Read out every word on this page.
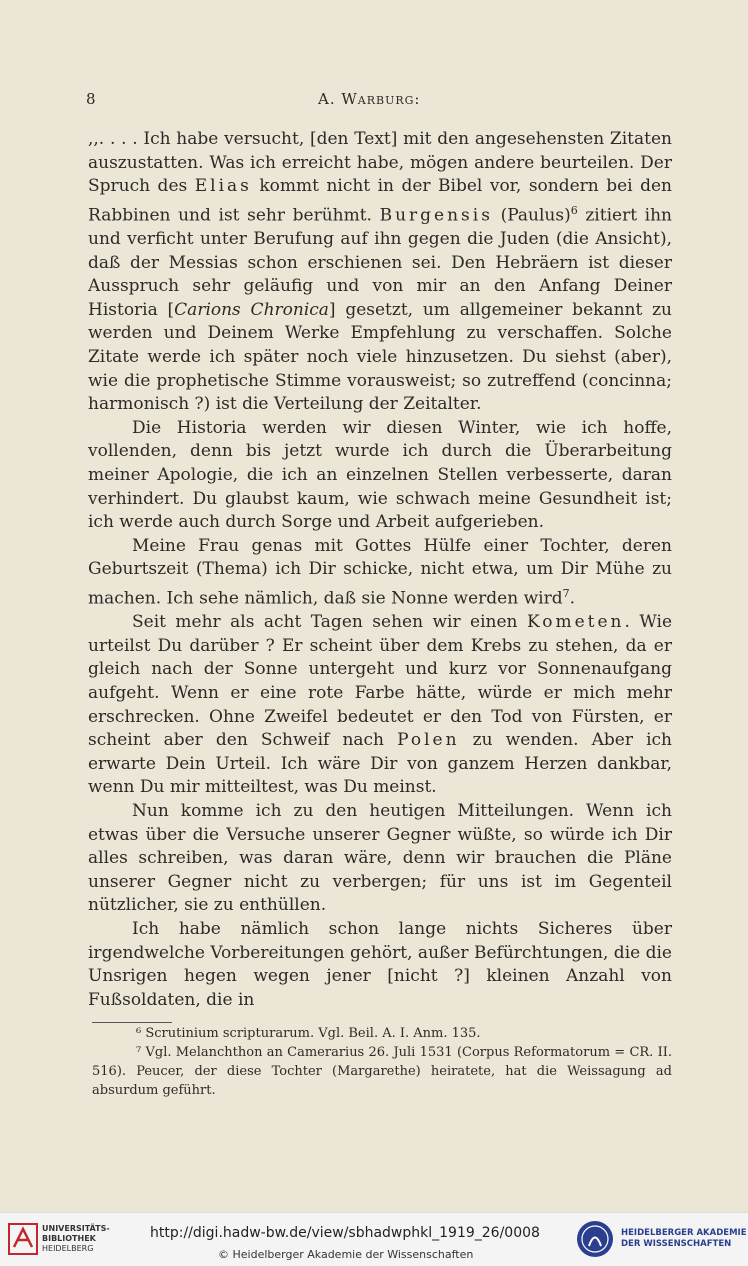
8	A. Warburg:

,,. . . . Ich habe versucht, [den Text] mit den angesehensten Zitaten auszustatten. Was ich erreicht habe, mögen andere beurteilen. Der Spruch des Elias kommt nicht in der Bibel vor, sondern bei den Rabbinen und ist sehr berühmt. Burgensis (Paulus)$^6$ zitiert ihn und verficht unter Berufung auf ihn gegen die Juden (die Ansicht), daß der Messias schon erschienen sei. Den Hebräern ist dieser Ausspruch sehr geläufig und von mir an den Anfang Deiner Historia [Carions Chronica] gesetzt, um allgemeiner bekannt zu werden und Deinem Werke Empfehlung zu verschaffen. Solche Zitate werde ich später noch viele hinzusetzen. Du siehst (aber), wie die prophetische Stimme vorausweist; so zutreffend (concinna; harmonisch ?) ist die Verteilung der Zeitalter.

Die Historia werden wir diesen Winter, wie ich hoffe, vollenden, denn bis jetzt wurde ich durch die Überarbeitung meiner Apologie, die ich an einzelnen Stellen verbesserte, daran verhindert. Du glaubst kaum, wie schwach meine Gesundheit ist; ich werde auch durch Sorge und Arbeit aufgerieben.

Meine Frau genas mit Gottes Hülfe einer Tochter, deren Geburtszeit (Thema) ich Dir schicke, nicht etwa, um Dir Mühe zu machen. Ich sehe nämlich, daß sie Nonne werden wird$^7$.

Seit mehr als acht Tagen sehen wir einen Kometen. Wie urteilst Du darüber ? Er scheint über dem Krebs zu stehen, da er gleich nach der Sonne untergeht und kurz vor Sonnenaufgang aufgeht. Wenn er eine rote Farbe hätte, würde er mich mehr erschrecken. Ohne Zweifel bedeutet er den Tod von Fürsten, er scheint aber den Schweif nach Polen zu wenden. Aber ich erwarte Dein Urteil. Ich wäre Dir von ganzem Herzen dankbar, wenn Du mir mitteiltest, was Du meinst.

Nun komme ich zu den heutigen Mitteilungen. Wenn ich etwas über die Versuche unserer Gegner wüßte, so würde ich Dir alles schreiben, was daran wäre, denn wir brauchen die Pläne unserer Gegner nicht zu verbergen; für uns ist im Gegenteil nützlicher, sie zu enthüllen.

Ich habe nämlich schon lange nichts Sicheres über irgendwelche Vorbereitungen gehört, außer Befürchtungen, die die Unsrigen hegen wegen jener [nicht ?] kleinen Anzahl von Fußsoldaten, die in

⁶ Scrutinium scripturarum. Vgl. Beil. A. I. Anm. 135.

⁷ Vgl. Melanchthon an Camerarius 26. Juli 1531 (Corpus Reformatorum = CR. II. 516). Peucer, der diese Tochter (Margarethe) heiratete, hat die Weissagung ad absurdum geführt.

UNIVERSITÄTS-
BIBLIOTHEK
HEIDELBERG
http://digi.hadw-bw.de/view/sbhadwphkl_1919_26/0008
© Heidelberger Akademie der Wissenschaften
HEIDELBERGER AKADEMIE
DER WISSENSCHAFTEN
